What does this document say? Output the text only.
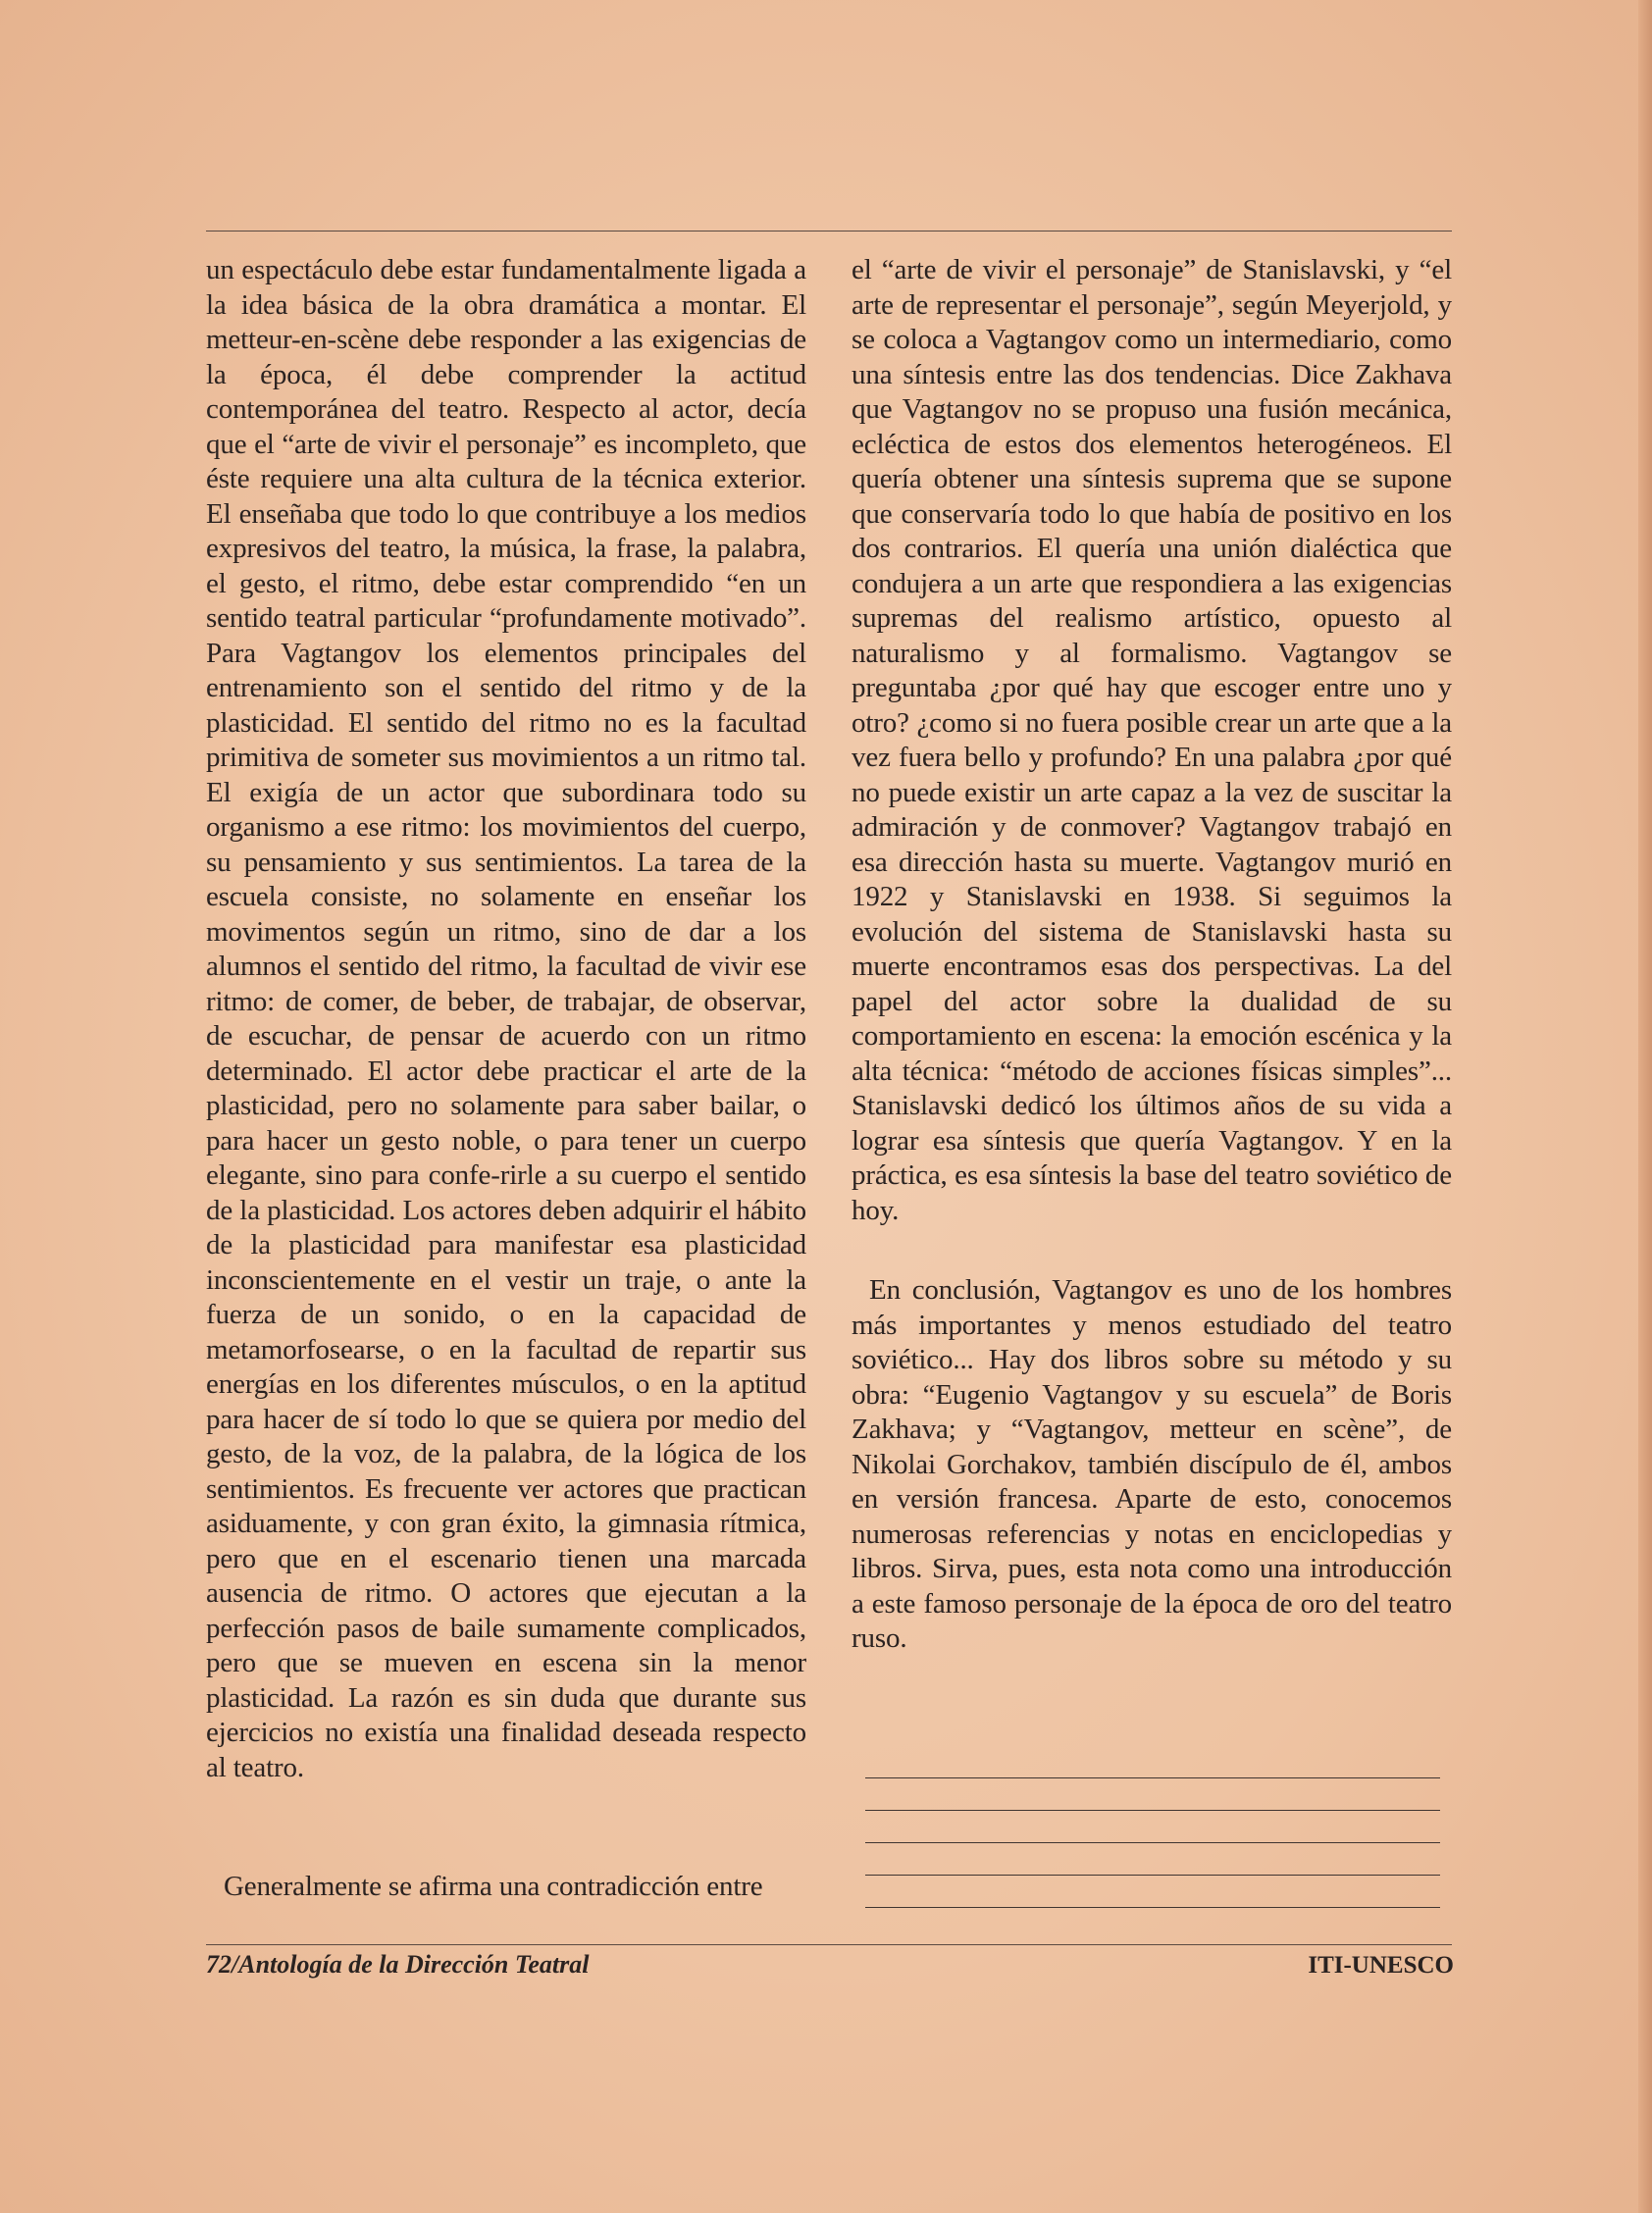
un espectáculo debe estar fundamentalmente ligada a la idea básica de la obra dramática a montar. El metteur-en-scène debe responder a las exigencias de la época, él debe comprender la actitud contemporánea del teatro. Respecto al actor, decía que el “arte de vivir el personaje” es incompleto, que éste requiere una alta cultura de la técnica exterior. El enseñaba que todo lo que contribuye a los medios expresivos del teatro, la música, la frase, la palabra, el gesto, el ritmo, debe estar comprendido “en un sentido teatral particular “profundamente motivado”. Para Vagtangov los elementos principales del entrenamiento son el sentido del ritmo y de la plasticidad. El sentido del ritmo no es la facultad primitiva de someter sus movimientos a un ritmo tal. El exigía de un actor que subordinara todo su organismo a ese ritmo: los movimientos del cuerpo, su pensamiento y sus sentimientos. La tarea de la escuela consiste, no solamente en enseñar los movimentos según un ritmo, sino de dar a los alumnos el sentido del ritmo, la facultad de vivir ese ritmo: de comer, de beber, de trabajar, de observar, de escuchar, de pensar de acuerdo con un ritmo determinado. El actor debe practicar el arte de la plasticidad, pero no solamente para saber bailar, o para hacer un gesto noble, o para tener un cuerpo elegante, sino para confe-rirle a su cuerpo el sentido de la plasticidad. Los actores deben adquirir el hábito de la plasticidad para manifestar esa plasticidad inconscientemente en el vestir un traje, o ante la fuerza de un sonido, o en la capacidad de metamorfosearse, o en la facultad de repartir sus energías en los diferentes músculos, o en la aptitud para hacer de sí todo lo que se quiera por medio del gesto, de la voz, de la palabra, de la lógica de los sentimientos. Es frecuente ver actores que practican asiduamente, y con gran éxito, la gimnasia rítmica, pero que en el escenario tienen una marcada ausencia de ritmo. O actores que ejecutan a la perfección pasos de baile sumamente complicados, pero que se mueven en escena sin la menor plasticidad. La razón es sin duda que durante sus ejercicios no existía una finalidad deseada respecto al teatro.

Generalmente se afirma una contradicción entre

el “arte de vivir el personaje” de Stanislavski, y “el arte de representar el personaje”, según Meyerjold, y se coloca a Vagtangov como un intermediario, como una síntesis entre las dos tendencias. Dice Zakhava que Vagtangov no se propuso una fusión mecánica, ecléctica de estos dos elementos heterogéneos. El quería obtener una síntesis suprema que se supone que conservaría todo lo que había de positivo en los dos contrarios. El quería una unión dialéctica que condujera a un arte que respondiera a las exigencias supremas del realismo artístico, opuesto al naturalismo y al formalismo. Vagtangov se preguntaba ¿por qué hay que escoger entre uno y otro? ¿como si no fuera posible crear un arte que a la vez fuera bello y profundo? En una palabra ¿por qué no puede existir un arte capaz a la vez de suscitar la admiración y de conmover? Vagtangov trabajó en esa dirección hasta su muerte. Vagtangov murió en 1922 y Stanislavski en 1938. Si seguimos la evolución del sistema de Stanislavski hasta su muerte encontramos esas dos perspectivas. La del papel del actor sobre la dualidad de su comportamiento en escena: la emoción escénica y la alta técnica: “método de acciones físicas simples”... Stanislavski dedicó los últimos años de su vida a lograr esa síntesis que quería Vagtangov. Y en la práctica, es esa síntesis la base del teatro soviético de hoy.

En conclusión, Vagtangov es uno de los hombres más importantes y menos estudiado del teatro soviético... Hay dos libros sobre su método y su obra: “Eugenio Vagtangov y su escuela” de Boris Zakhava; y “Vagtangov, metteur en scène”, de Nikolai Gorchakov, también discípulo de él, ambos en versión francesa. Aparte de esto, conocemos numerosas referencias y notas en enciclopedias y libros. Sirva, pues, esta nota como una introducción a este famoso personaje de la época de oro del teatro ruso.

72/Antología de la Dirección Teatral	ITI-UNESCO
